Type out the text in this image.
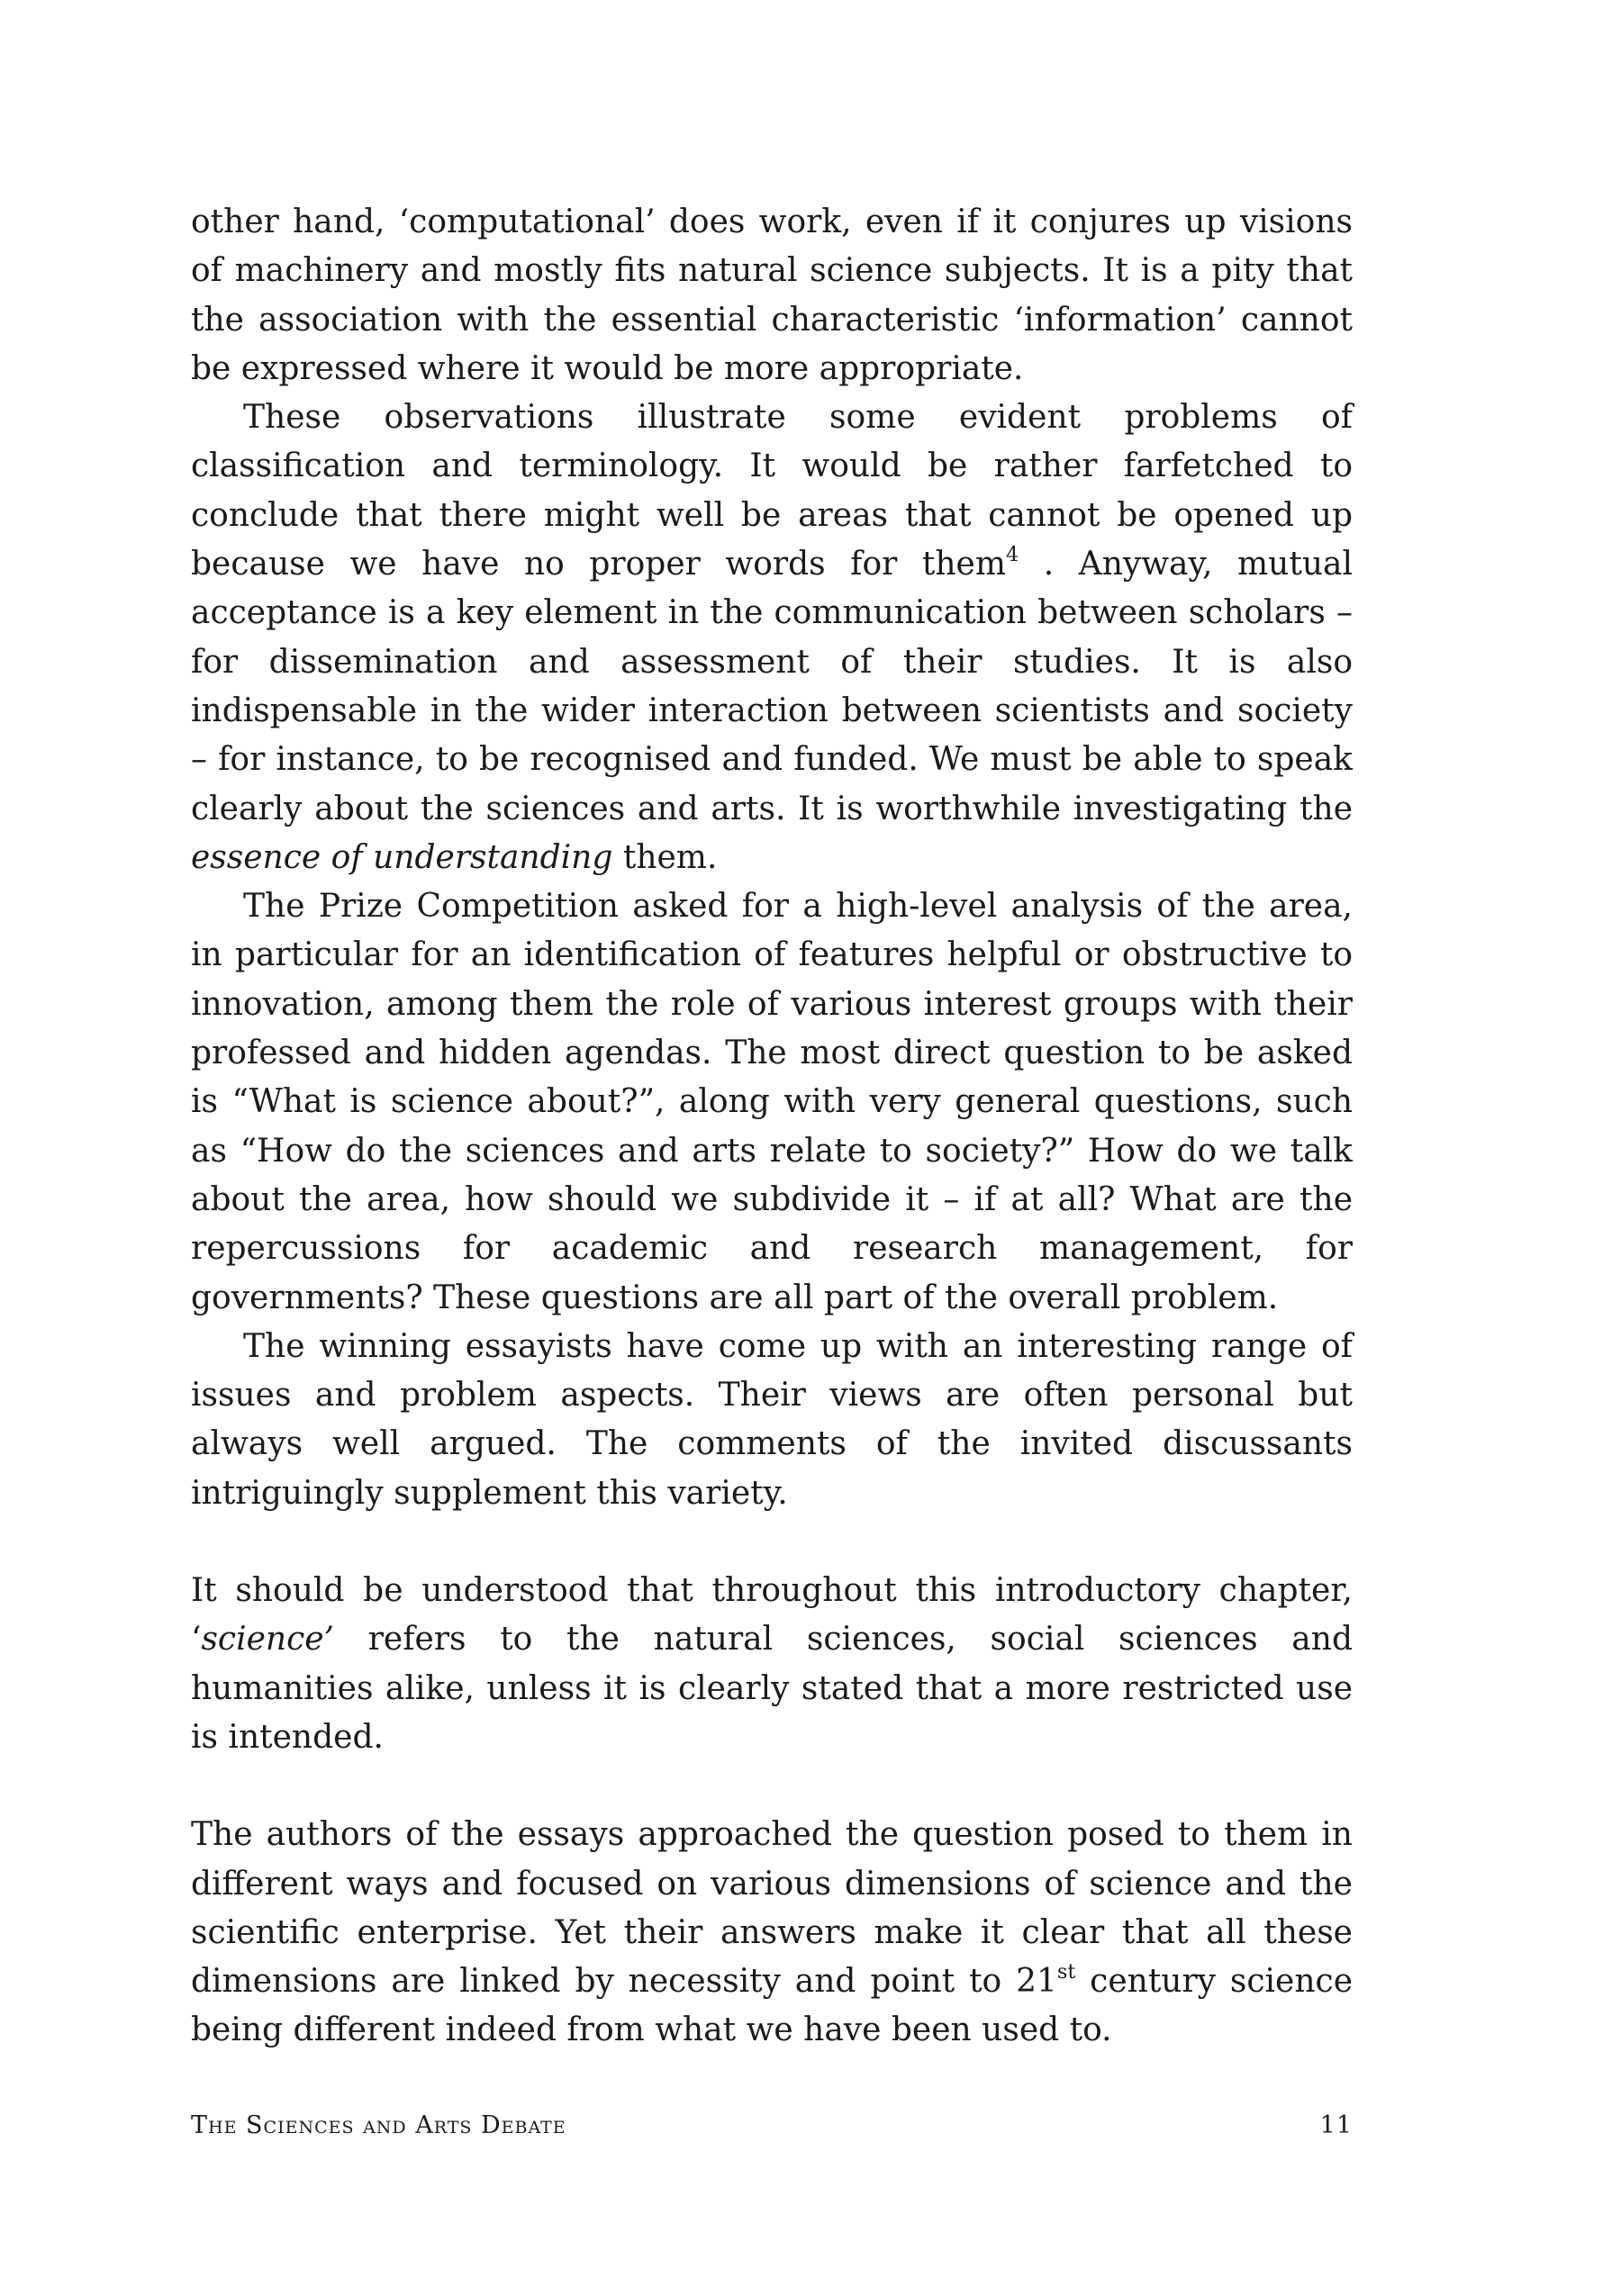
other hand, ‘computational’ does work, even if it conjures up visions of machinery and mostly fits natural science subjects. It is a pity that the association with the essential characteristic ‘information’ cannot be expressed where it would be more appropriate.

These observations illustrate some evident problems of classification and terminology. It would be rather farfetched to conclude that there might well be areas that cannot be opened up because we have no proper words for them$^4$ . Anyway, mutual acceptance is a key element in the communication between scholars – for dissemination and assessment of their studies. It is also indispensable in the wider interaction between scientists and society – for instance, to be recognised and funded. We must be able to speak clearly about the sciences and arts. It is worthwhile investigating the essence of understanding them.

The Prize Competition asked for a high-level analysis of the area, in particular for an identification of features helpful or obstructive to innovation, among them the role of various interest groups with their professed and hidden agendas. The most direct question to be asked is “What is science about?”, along with very general questions, such as “How do the sciences and arts relate to society?” How do we talk about the area, how should we subdivide it – if at all? What are the repercussions for academic and research management, for governments? These questions are all part of the overall problem.

The winning essayists have come up with an interesting range of issues and problem aspects. Their views are often personal but always well argued. The comments of the invited discussants intriguingly supplement this variety.

It should be understood that throughout this introductory chapter, ‘science’ refers to the natural sciences, social sciences and humanities alike, unless it is clearly stated that a more restricted use is intended.

The authors of the essays approached the question posed to them in different ways and focused on various dimensions of science and the scientific enterprise. Yet their answers make it clear that all these dimensions are linked by necessity and point to 21st century science being different indeed from what we have been used to.

The Sciences and Arts Debate	11
